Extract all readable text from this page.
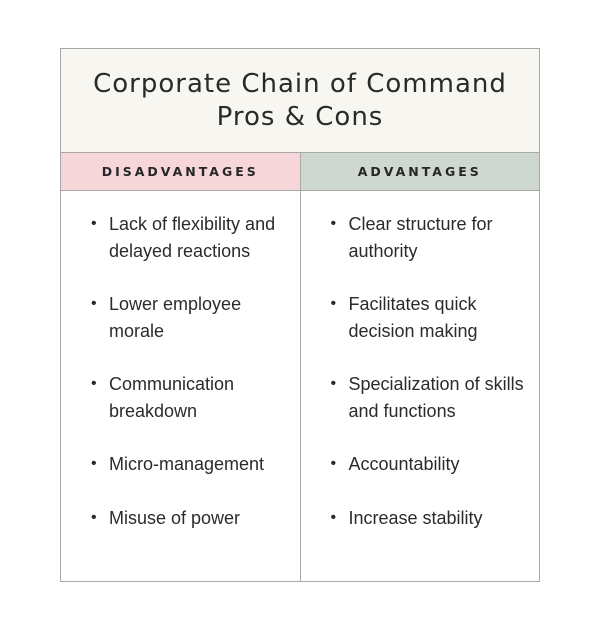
Corporate Chain of Command
Pros & Cons
DISADVANTAGES	ADVANTAGES
• Lack of flexibility and delayed reactions
• Lower employee morale
• Communication breakdown
• Micro-management
• Misuse of power
• Clear structure for authority
• Facilitates quick decision making
• Specialization of skills and functions
• Accountability
• Increase stability
